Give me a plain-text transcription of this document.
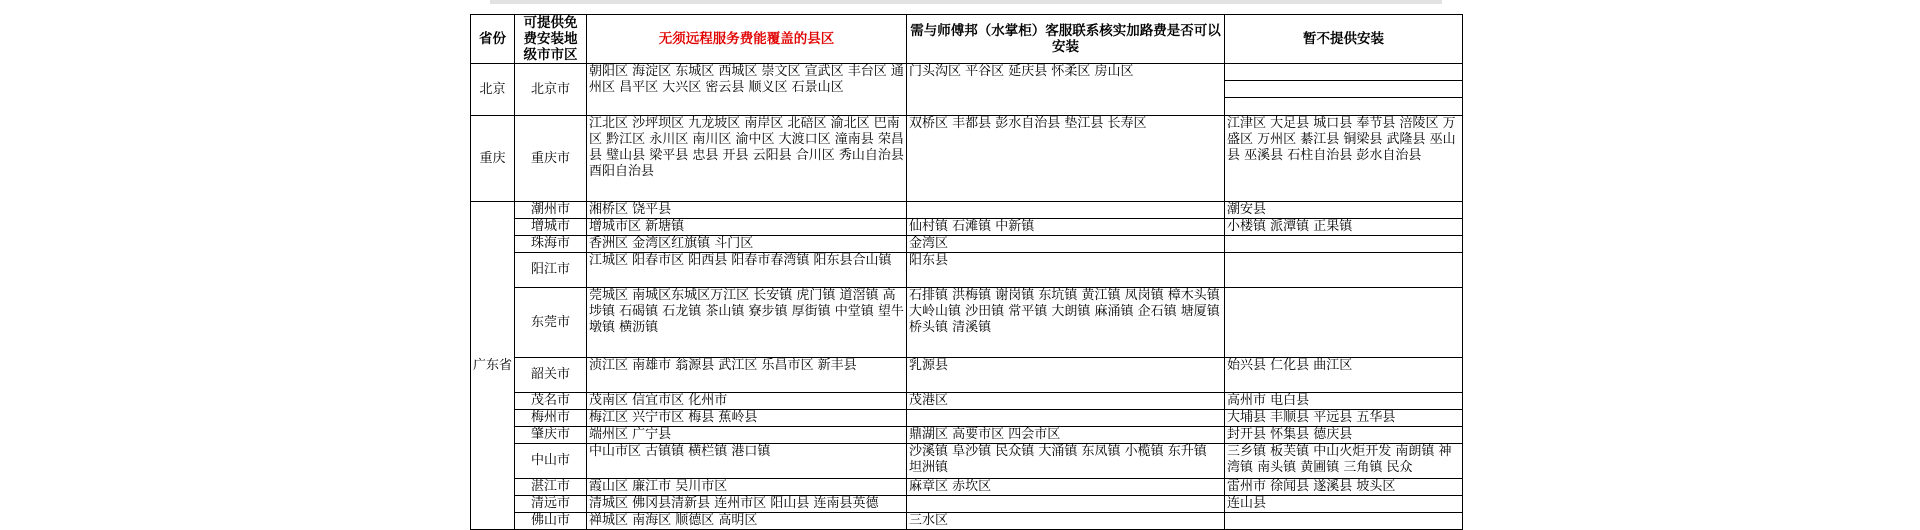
省份	可提供免费安装地级市市区	无须远程服务费能覆盖的县区	需与师傅邦（水掌柜）客服联系核实加路费是否可以安装	暂不提供安装
北京	北京市	朝阳区 海淀区 东城区 西城区 崇文区 宣武区 丰台区 通州区 昌平区 大兴区 密云县 顺义区 石景山区	门头沟区 平谷区 延庆县 怀柔区 房山区	

重庆	重庆市	江北区 沙坪坝区 九龙坡区 南岸区 北碚区 渝北区 巴南区 黔江区 永川区 南川区 渝中区 大渡口区 潼南县 荣昌县 璧山县 梁平县 忠县 开县 云阳县 合川区 秀山自治县 酉阳自治县	双桥区 丰都县 彭水自治县 垫江县 长寿区	江津区 大足县 城口县 奉节县 涪陵区 万盛区 万州区 綦江县 铜梁县 武隆县 巫山县 巫溪县 石柱自治县 彭水自治县
广东省	潮州市	湘桥区 饶平县		潮安县
	增城市	增城市区 新塘镇	仙村镇 石滩镇 中新镇	小楼镇 派潭镇 正果镇
	珠海市	香洲区 金湾区红旗镇 斗门区	金湾区	
	阳江市	江城区 阳春市区 阳西县 阳春市春湾镇 阳东县合山镇	阳东县	
	东莞市	莞城区 南城区东城区万江区 长安镇 虎门镇 道滘镇 高埗镇 石碣镇 石龙镇 茶山镇 寮步镇 厚街镇 中堂镇 望牛墩镇 横沥镇	石排镇 洪梅镇 谢岗镇 东坑镇 黄江镇 凤岗镇 樟木头镇 大岭山镇 沙田镇 常平镇 大朗镇 麻涌镇 企石镇 塘厦镇 桥头镇 清溪镇	
	韶关市	浈江区 南雄市 翁源县 武江区 乐昌市区 新丰县	乳源县	始兴县 仁化县 曲江区
	茂名市	茂南区 信宜市区 化州市	茂港区	高州市 电白县
	梅州市	梅江区 兴宁市区 梅县 蕉岭县		大埔县 丰顺县 平远县 五华县
	肇庆市	端州区 广宁县	鼎湖区 高要市区 四会市区	封开县 怀集县 德庆县
	中山市	中山市区 古镇镇 横栏镇 港口镇	沙溪镇 阜沙镇 民众镇 大涌镇 东凤镇 小榄镇 东升镇 坦洲镇	三乡镇 板芙镇 中山火炬开发 南朗镇 神湾镇 南头镇 黄圃镇 三角镇 民众
	湛江市	霞山区 廉江市 吴川市区	麻章区 赤坎区	雷州市 徐闻县 遂溪县 坡头区
	清远市	清城区 佛冈县清新县 连州市区 阳山县 连南县英德		连山县
	佛山市	禅城区 南海区 顺德区 高明区	三水区	
